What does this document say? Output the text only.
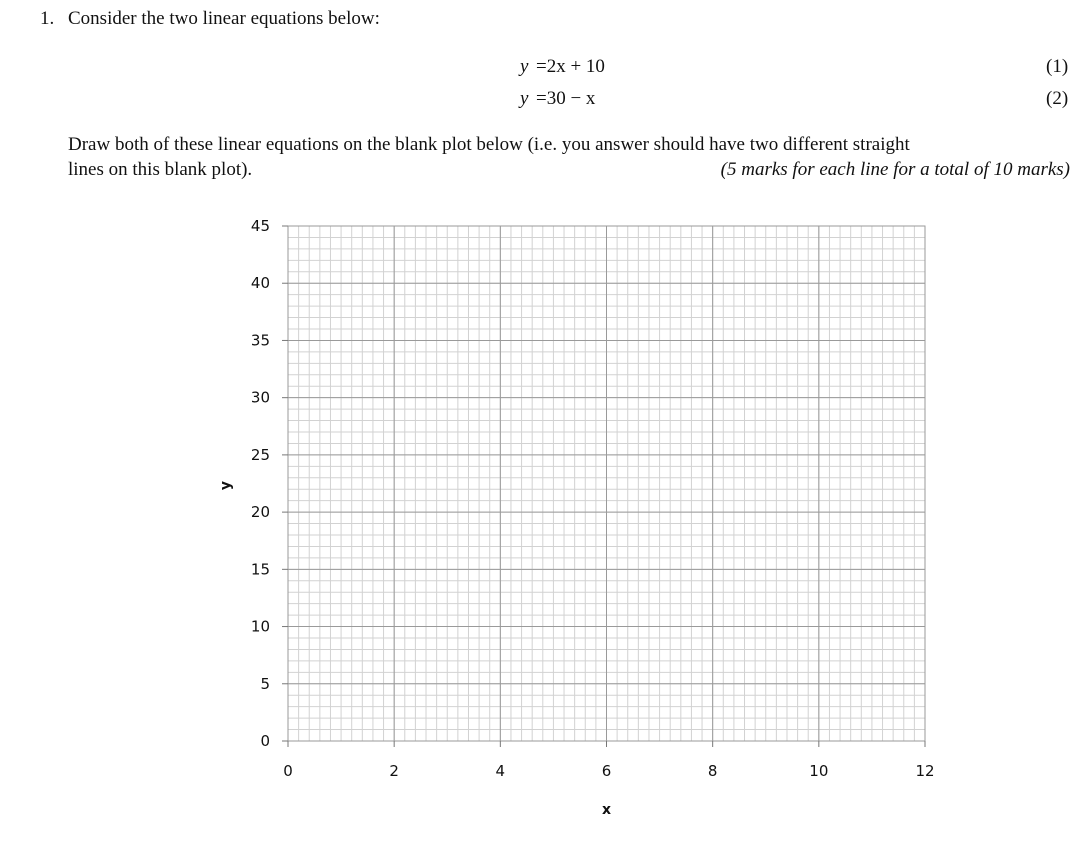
1. Consider the two linear equations below:
y =2x + 10	(1)
y =30 − x	(2)
Draw both of these linear equations on the blank plot below (i.e. you answer should have two different straight
lines on this blank plot).	(5 marks for each line for a total of 10 marks)
0
5
10
15
20
25
30
35
40
45
0	2	4	6	8	10	12
x
y
